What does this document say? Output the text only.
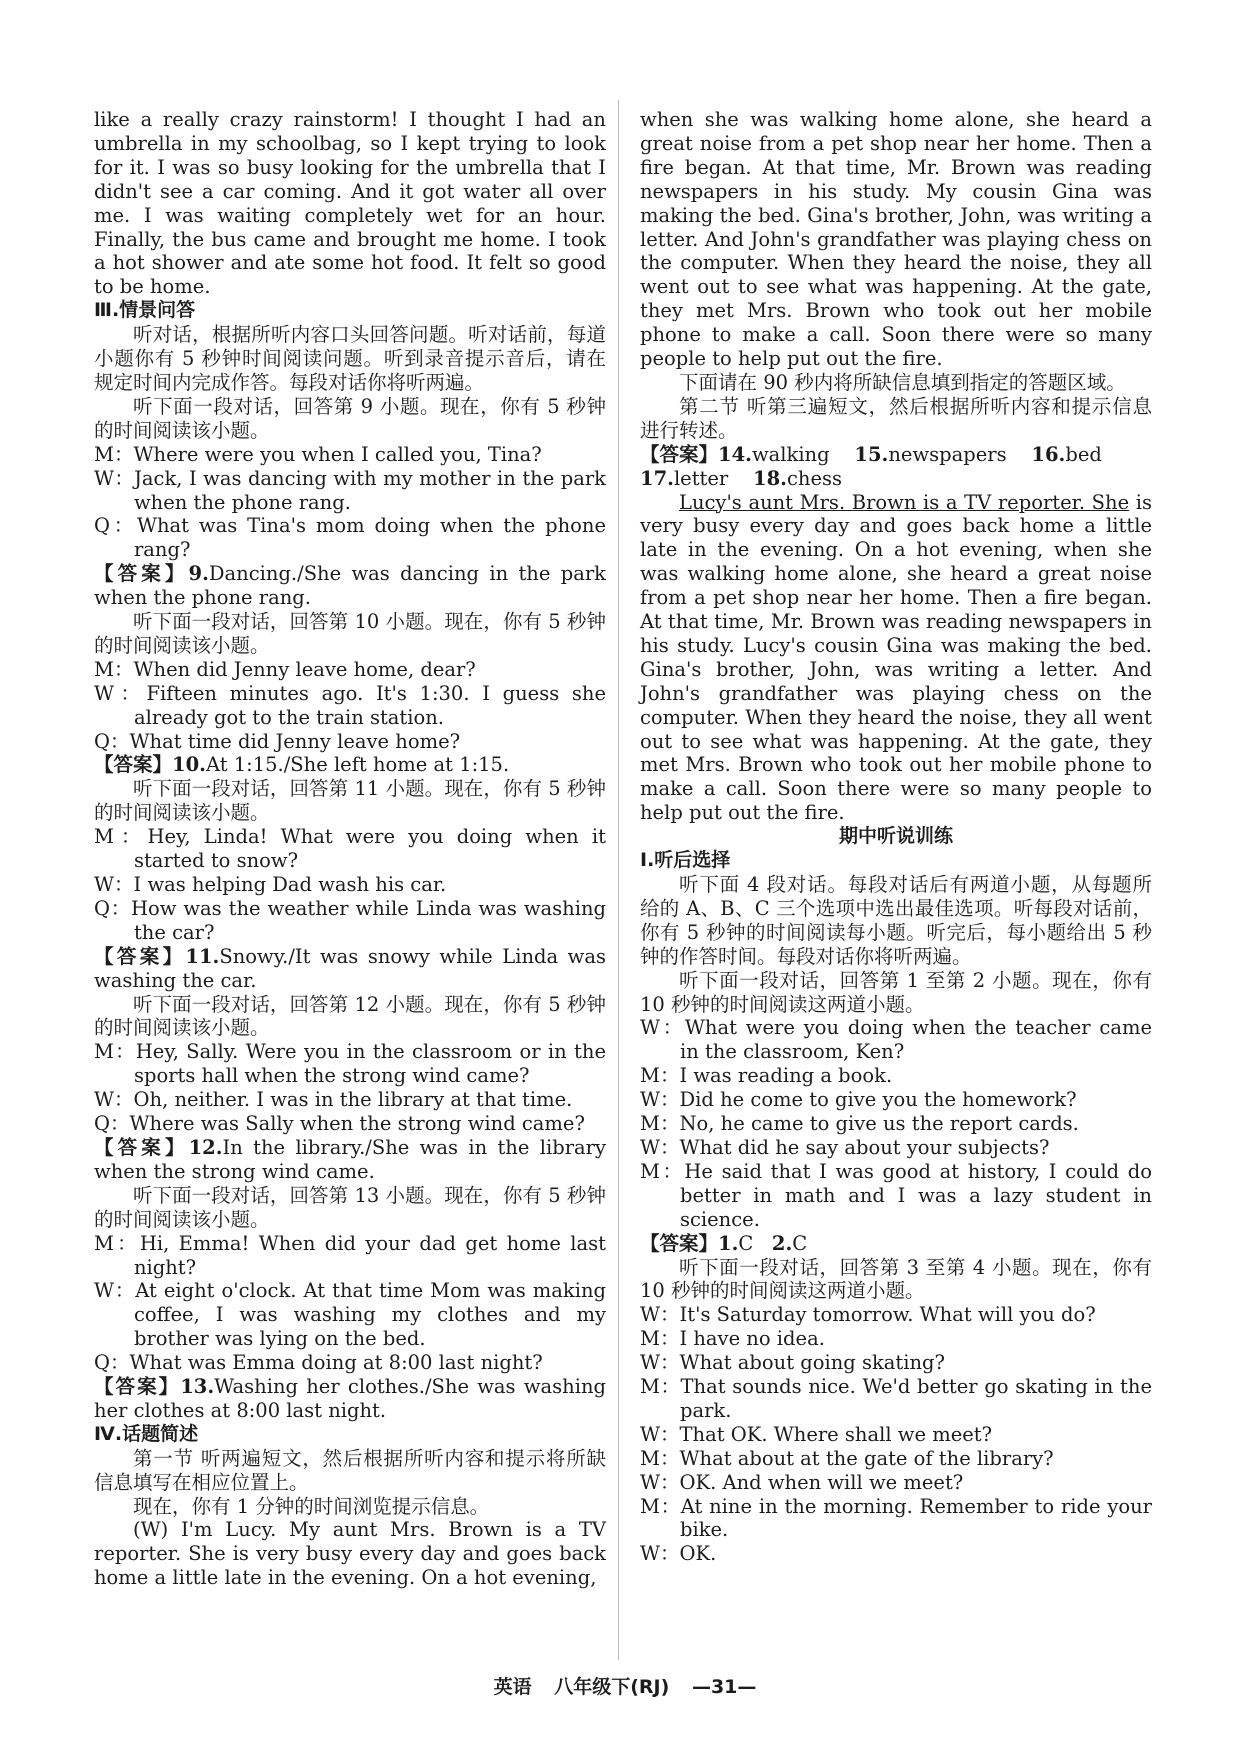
like a really crazy rainstorm! I thought I had an umbrella in my schoolbag, so I kept trying to look for it. I was so busy looking for the umbrella that I didn't see a car coming. And it got water all over me. I was waiting completely wet for an hour. Finally, the bus came and brought me home. I took a hot shower and ate some hot food. It felt so good to be home.

Ⅲ.情景问答

听对话，根据所听内容口头回答问题。听对话前，每道小题你有 5 秒钟时间阅读问题。听到录音提示音后，请在规定时间内完成作答。每段对话你将听两遍。

听下面一段对话，回答第 9 小题。现在，你有 5 秒钟的时间阅读该小题。

M：Where were you when I called you, Tina?

W：Jack, I was dancing with my mother in the park when the phone rang.

Q：What was Tina's mom doing when the phone rang?

【答案】9.Dancing./She was dancing in the park when the phone rang.

听下面一段对话，回答第 10 小题。现在，你有 5 秒钟的时间阅读该小题。

M：When did Jenny leave home, dear?

W：Fifteen minutes ago. It's 1:30. I guess she already got to the train station.

Q：What time did Jenny leave home?

【答案】10.At 1:15./She left home at 1:15.

听下面一段对话，回答第 11 小题。现在，你有 5 秒钟的时间阅读该小题。

M：Hey, Linda! What were you doing when it started to snow?

W：I was helping Dad wash his car.

Q：How was the weather while Linda was washing the car?

【答案】11.Snowy./It was snowy while Linda was washing the car.

听下面一段对话，回答第 12 小题。现在，你有 5 秒钟的时间阅读该小题。

M：Hey, Sally. Were you in the classroom or in the sports hall when the strong wind came?

W：Oh, neither. I was in the library at that time.

Q：Where was Sally when the strong wind came?

【答案】12.In the library./She was in the library when the strong wind came.

听下面一段对话，回答第 13 小题。现在，你有 5 秒钟的时间阅读该小题。

M：Hi, Emma! When did your dad get home last night?

W：At eight o'clock. At that time Mom was making coffee, I was washing my clothes and my brother was lying on the bed.

Q：What was Emma doing at 8:00 last night?

【答案】13.Washing her clothes./She was washing her clothes at 8:00 last night.

Ⅳ.话题简述

第一节 听两遍短文，然后根据所听内容和提示将所缺信息填写在相应位置上。

现在，你有 1 分钟的时间浏览提示信息。

(W) I'm Lucy. My aunt Mrs. Brown is a TV reporter. She is very busy every day and goes back home a little late in the evening. On a hot evening,

when she was walking home alone, she heard a great noise from a pet shop near her home. Then a fire began. At that time, Mr. Brown was reading newspapers in his study. My cousin Gina was making the bed. Gina's brother, John, was writing a letter. And John's grandfather was playing chess on the computer. When they heard the noise, they all went out to see what was happening. At the gate, they met Mrs. Brown who took out her mobile phone to make a call. Soon there were so many people to help put out the fire.

下面请在 90 秒内将所缺信息填到指定的答题区域。

第二节 听第三遍短文，然后根据所听内容和提示信息进行转述。

【答案】14.walking 15.newspapers 16.bed
17.letter 18.chess

Lucy's aunt Mrs. Brown is a TV reporter. She is very busy every day and goes back home a little late in the evening. On a hot evening, when she was walking home alone, she heard a great noise from a pet shop near her home. Then a fire began. At that time, Mr. Brown was reading newspapers in his study. Lucy's cousin Gina was making the bed. Gina's brother, John, was writing a letter. And John's grandfather was playing chess on the computer. When they heard the noise, they all went out to see what was happening. At the gate, they met Mrs. Brown who took out her mobile phone to make a call. Soon there were so many people to help put out the fire.

期中听说训练

Ⅰ.听后选择

听下面 4 段对话。每段对话后有两道小题，从每题所给的 A、B、C 三个选项中选出最佳选项。听每段对话前，你有 5 秒钟的时间阅读每小题。听完后，每小题给出 5 秒钟的作答时间。每段对话你将听两遍。

听下面一段对话，回答第 1 至第 2 小题。现在，你有 10 秒钟的时间阅读这两道小题。

W：What were you doing when the teacher came in the classroom, Ken?

M：I was reading a book.

W：Did he come to give you the homework?

M：No, he came to give us the report cards.

W：What did he say about your subjects?

M：He said that I was good at history, I could do better in math and I was a lazy student in science.

【答案】1.C 2.C

听下面一段对话，回答第 3 至第 4 小题。现在，你有 10 秒钟的时间阅读这两道小题。

W：It's Saturday tomorrow. What will you do?

M：I have no idea.

W：What about going skating?

M：That sounds nice. We'd better go skating in the park.

W：That OK. Where shall we meet?

M：What about at the gate of the library?

W：OK. And when will we meet?

M：At nine in the morning. Remember to ride your bike.

W：OK.

英语 八年级下(RJ) —31—
